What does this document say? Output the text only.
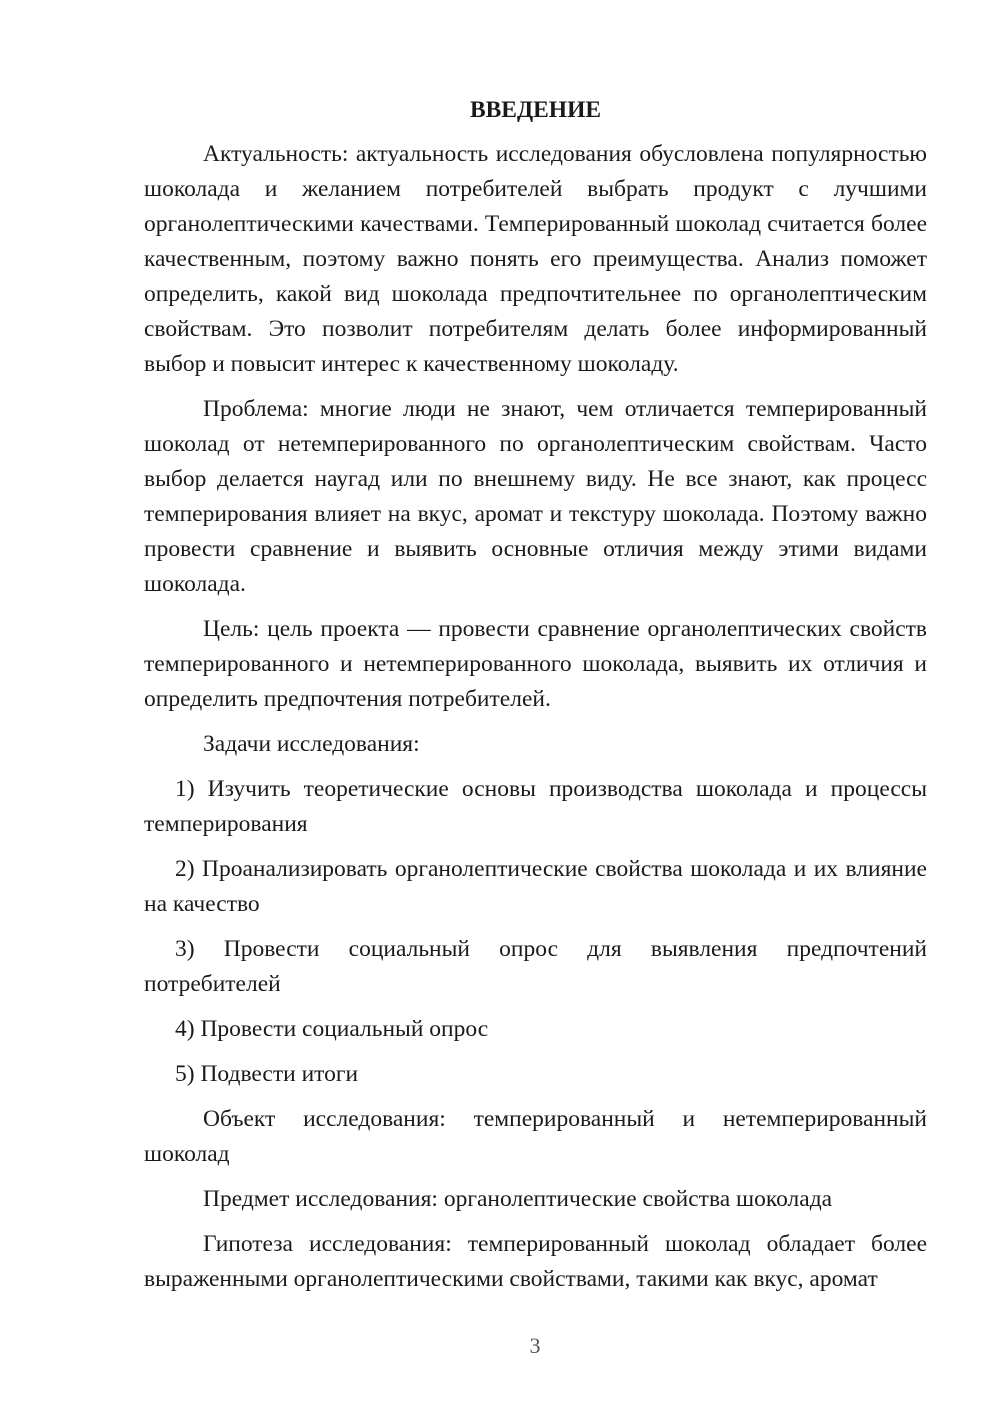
ВВЕДЕНИЕ

Актуальность: актуальность исследования обусловлена популярностью шоколада и желанием потребителей выбрать продукт с лучшими органолептическими качествами. Темперированный шоколад считается более качественным, поэтому важно понять его преимущества. Анализ поможет определить, какой вид шоколада предпочтительнее по органолептическим свойствам. Это позволит потребителям делать более информированный выбор и повысит интерес к качественному шоколаду.

Проблема: многие люди не знают, чем отличается темперированный шоколад от нетемперированного по органолептическим свойствам. Часто выбор делается наугад или по внешнему виду. Не все знают, как процесс темперирования влияет на вкус, аромат и текстуру шоколада. Поэтому важно провести сравнение и выявить основные отличия между этими видами шоколада.

Цель: цель проекта — провести сравнение органолептических свойств темперированного и нетемперированного шоколада, выявить их отличия и определить предпочтения потребителей.

Задачи исследования:

1) Изучить теоретические основы производства шоколада и процессы темперирования

2) Проанализировать органолептические свойства шоколада и их влияние на качество

3) Провести социальный опрос для выявления предпочтений потребителей

4) Провести социальный опрос

5) Подвести итоги

Объект исследования: темперированный и нетемперированный шоколад

Предмет исследования: органолептические свойства шоколада

Гипотеза исследования: темперированный шоколад обладает более выраженными органолептическими свойствами, такими как вкус, аромат

3
